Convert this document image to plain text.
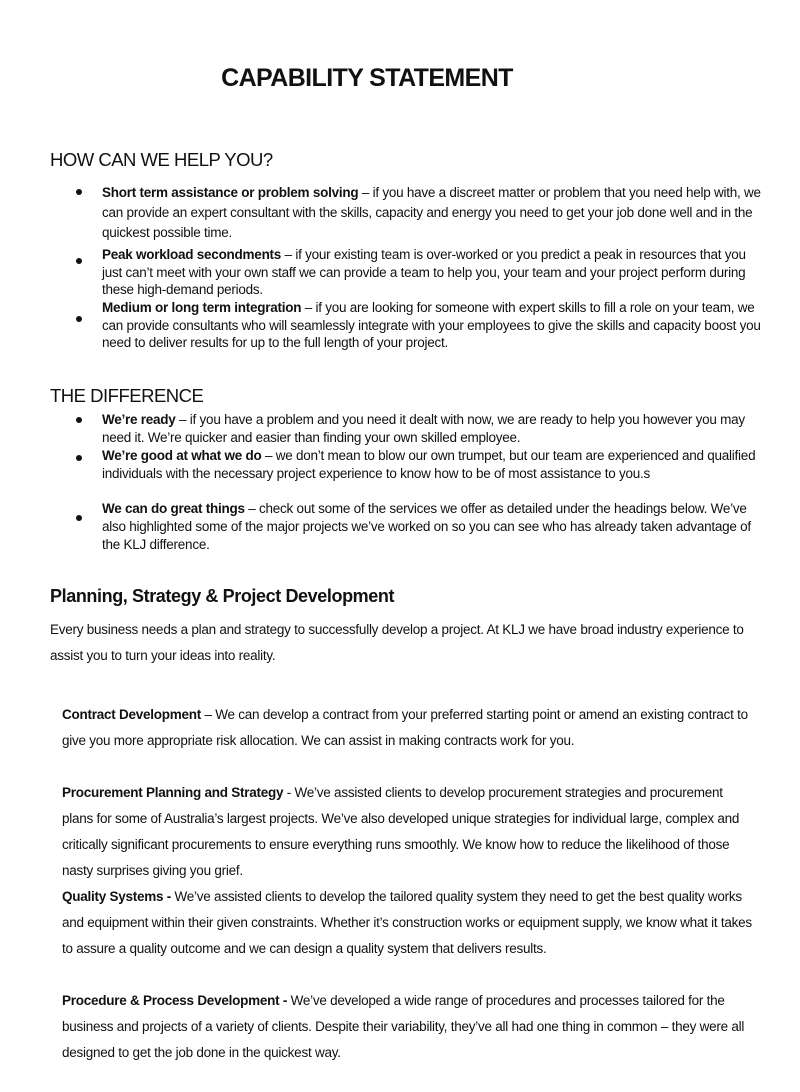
CAPABILITY STATEMENT
HOW CAN WE HELP YOU?
Short term assistance or problem solving – if you have a discreet matter or problem that you need help with, we can provide an expert consultant with the skills, capacity and energy you need to get your job done well and in the quickest possible time.
Peak workload secondments – if your existing team is over-worked or you predict a peak in resources that you just can’t meet with your own staff we can provide a team to help you, your team and your project perform during these high-demand periods.
Medium or long term integration – if you are looking for someone with expert skills to fill a role on your team, we can provide consultants who will seamlessly integrate with your employees to give the skills and capacity boost you need to deliver results for up to the full length of your project.
THE DIFFERENCE
We’re ready – if you have a problem and you need it dealt with now, we are ready to help you however you may need it. We’re quicker and easier than finding your own skilled employee.
We’re good at what we do – we don’t mean to blow our own trumpet, but our team are experienced and qualified individuals with the necessary project experience to know how to be of most assistance to you.s
We can do great things – check out some of the services we offer as detailed under the headings below. We’ve also highlighted some of the major projects we’ve worked on so you can see who has already taken advantage of the KLJ difference.
Planning, Strategy & Project Development
Every business needs a plan and strategy to successfully develop a project. At KLJ we have broad industry experience to assist you to turn your ideas into reality.
Contract Development – We can develop a contract from your preferred starting point or amend an existing contract to give you more appropriate risk allocation. We can assist in making contracts work for you.
Procurement Planning and Strategy - We’ve assisted clients to develop procurement strategies and procurement plans for some of Australia’s largest projects. We’ve also developed unique strategies for individual large, complex and critically significant procurements to ensure everything runs smoothly. We know how to reduce the likelihood of those nasty surprises giving you grief.
Quality Systems - We’ve assisted clients to develop the tailored quality system they need to get the best quality works and equipment within their given constraints. Whether it’s construction works or equipment supply, we know what it takes to assure a quality outcome and we can design a quality system that delivers results.
Procedure & Process Development - We’ve developed a wide range of procedures and processes tailored for the business and projects of a variety of clients. Despite their variability, they’ve all had one thing in common – they were all designed to get the job done in the quickest way.
